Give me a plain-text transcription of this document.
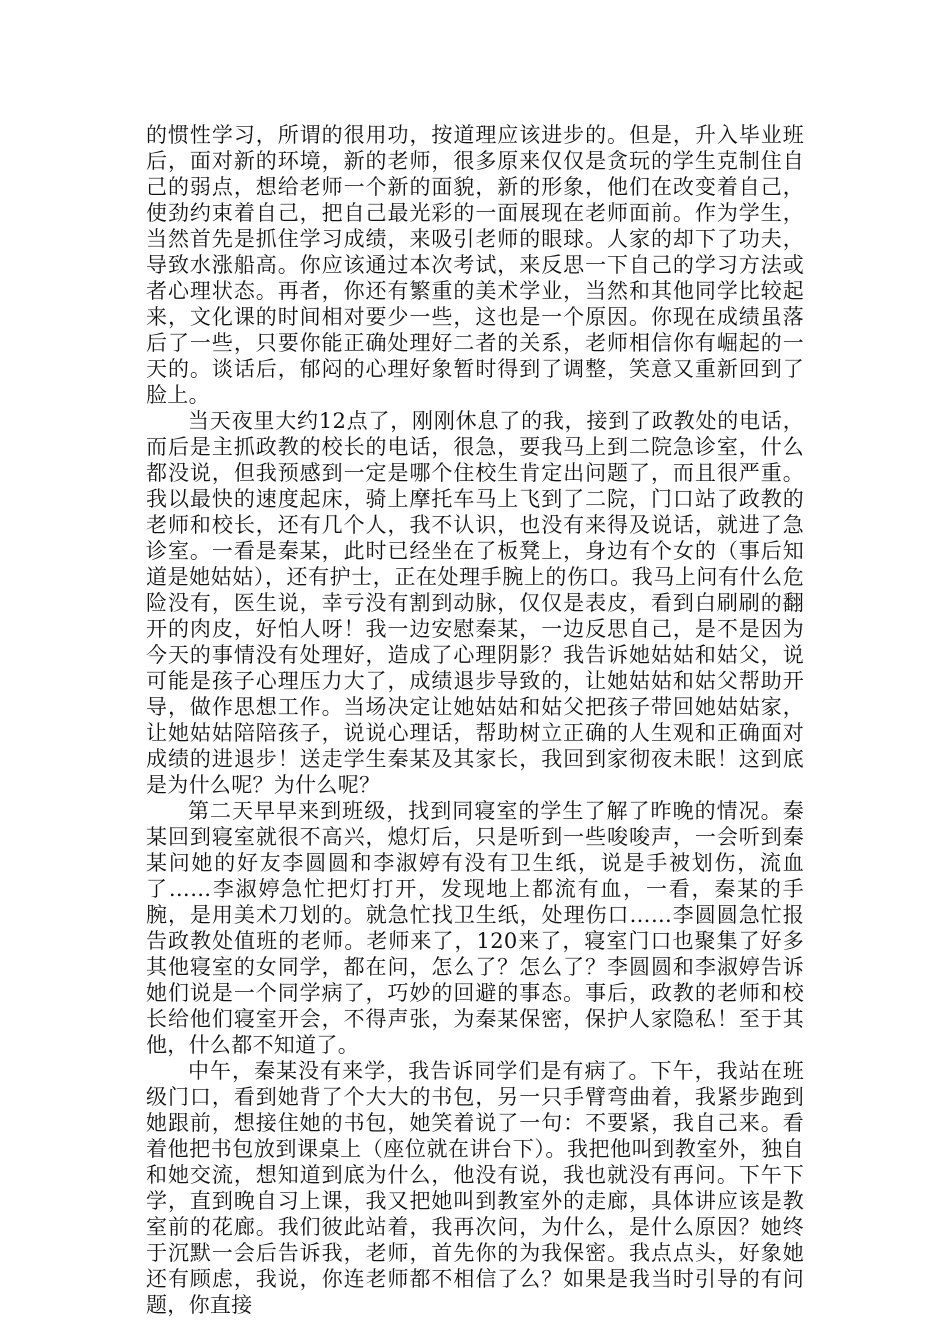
的惯性学习，所谓的很用功，按道理应该进步的。但是，升入毕业班后，面对新的环境，新的老师，很多原来仅仅是贪玩的学生克制住自己的弱点，想给老师一个新的面貌，新的形象，他们在改变着自己，使劲约束着自己，把自己最光彩的一面展现在老师面前。作为学生，当然首先是抓住学习成绩，来吸引老师的眼球。人家的却下了功夫，导致水涨船高。你应该通过本次考试，来反思一下自己的学习方法或者心理状态。再者，你还有繁重的美术学业，当然和其他同学比较起来，文化课的时间相对要少一些，这也是一个原因。你现在成绩虽落后了一些，只要你能正确处理好二者的关系，老师相信你有崛起的一天的。谈话后，郁闷的心理好象暂时得到了调整，笑意又重新回到了脸上。

当天夜里大约12点了，刚刚休息了的我，接到了政教处的电话，而后是主抓政教的校长的电话，很急，要我马上到二院急诊室，什么都没说，但我预感到一定是哪个住校生肯定出问题了，而且很严重。我以最快的速度起床，骑上摩托车马上飞到了二院，门口站了政教的老师和校长，还有几个人，我不认识，也没有来得及说话，就进了急诊室。一看是秦某，此时已经坐在了板凳上，身边有个女的（事后知道是她姑姑），还有护士，正在处理手腕上的伤口。我马上问有什么危险没有，医生说，幸亏没有割到动脉，仅仅是表皮，看到白刷刷的翻开的肉皮，好怕人呀！我一边安慰秦某，一边反思自己，是不是因为今天的事情没有处理好，造成了心理阴影？我告诉她姑姑和姑父，说可能是孩子心理压力大了，成绩退步导致的，让她姑姑和姑父帮助开导，做作思想工作。当场决定让她姑姑和姑父把孩子带回她姑姑家，让她姑姑陪陪孩子，说说心理话，帮助树立正确的人生观和正确面对成绩的进退步！送走学生秦某及其家长，我回到家彻夜未眠！这到底是为什么呢？为什么呢？

第二天早早来到班级，找到同寝室的学生了解了昨晚的情况。秦某回到寝室就很不高兴，熄灯后，只是听到一些唆唆声，一会听到秦某问她的好友李圆圆和李淑婷有没有卫生纸，说是手被划伤，流血了……李淑婷急忙把灯打开，发现地上都流有血，一看，秦某的手腕，是用美术刀划的。就急忙找卫生纸，处理伤口……李圆圆急忙报告政教处值班的老师。老师来了，120来了，寝室门口也聚集了好多其他寝室的女同学，都在问，怎么了？怎么了？李圆圆和李淑婷告诉她们说是一个同学病了，巧妙的回避的事态。事后，政教的老师和校长给他们寝室开会，不得声张，为秦某保密，保护人家隐私！至于其他，什么都不知道了。

中午，秦某没有来学，我告诉同学们是有病了。下午，我站在班级门口，看到她背了个大大的书包，另一只手臂弯曲着，我紧步跑到她跟前，想接住她的书包，她笑着说了一句：不要紧，我自己来。看着他把书包放到课桌上（座位就在讲台下）。我把他叫到教室外，独自和她交流，想知道到底为什么，他没有说，我也就没有再问。下午下学，直到晚自习上课，我又把她叫到教室外的走廊，具体讲应该是教室前的花廊。我们彼此站着，我再次问，为什么，是什么原因？她终于沉默一会后告诉我，老师，首先你的为我保密。我点点头，好象她还有顾虑，我说，你连老师都不相信了么？如果是我当时引导的有问题，你直接
